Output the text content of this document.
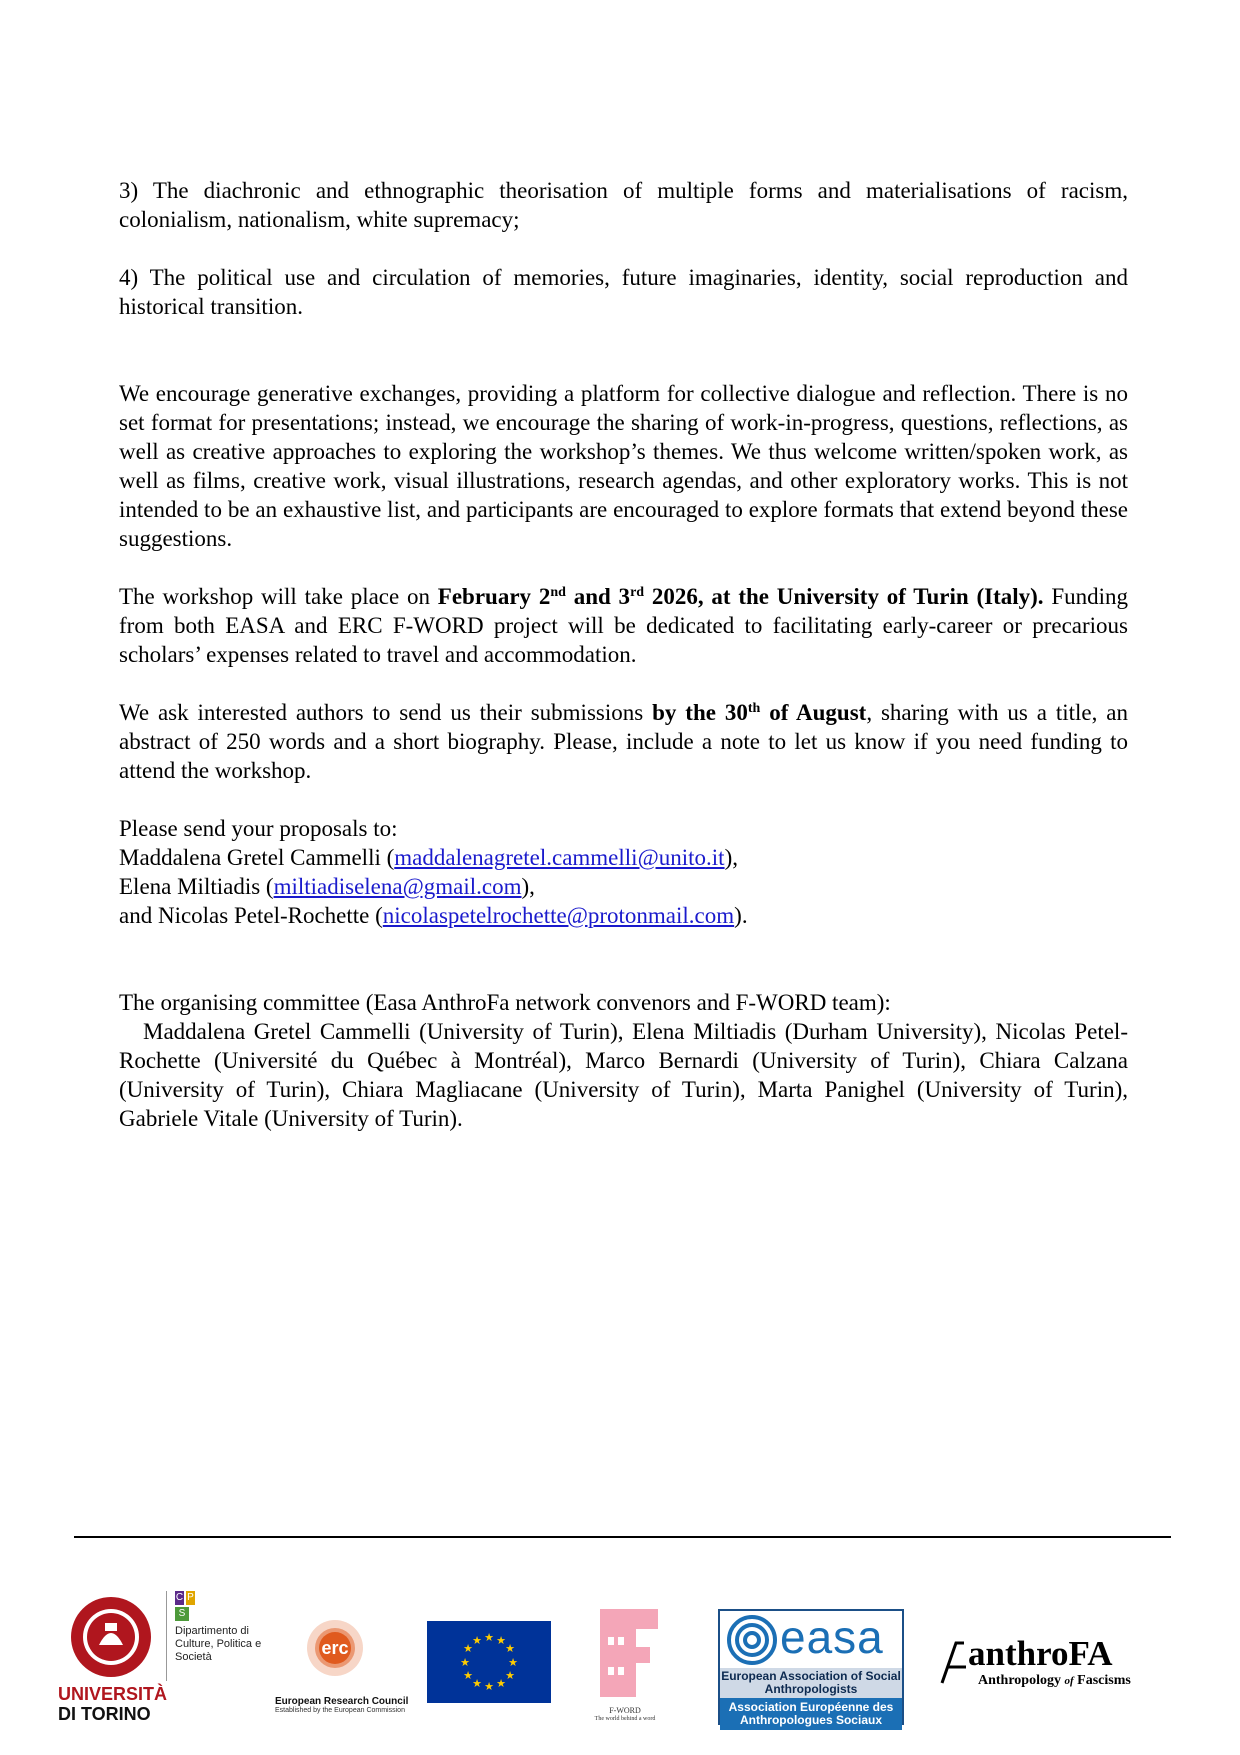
3) The diachronic and ethnographic theorisation of multiple forms and materialisations of racism, colonialism, nationalism, white supremacy;

4) The political use and circulation of memories, future imaginaries, identity, social reproduction and historical transition.

We encourage generative exchanges, providing a platform for collective dialogue and reflection. There is no set format for presentations; instead, we encourage the sharing of work-in-progress, questions, reflections, as well as creative approaches to exploring the workshop’s themes. We thus welcome written/spoken work, as well as films, creative work, visual illustrations, research agendas, and other exploratory works. This is not intended to be an exhaustive list, and participants are encouraged to explore formats that extend beyond these suggestions.

The workshop will take place on February 2nd and 3rd 2026, at the University of Turin (Italy). Funding from both EASA and ERC F-WORD project will be dedicated to facilitating early-career or precarious scholars’ expenses related to travel and accommodation.

We ask interested authors to send us their submissions by the 30th of August, sharing with us a title, an abstract of 250 words and a short biography. Please, include a note to let us know if you need funding to attend the workshop.

Please send your proposals to:

Maddalena Gretel Cammelli (maddalenagretel.cammelli@unito.it),

Elena Miltiadis (miltiadiselena@gmail.com),

and Nicolas Petel-Rochette (nicolaspetelrochette@protonmail.com).

The organising committee (Easa AnthroFa network convenors and F-WORD team):

Maddalena Gretel Cammelli (University of Turin), Elena Miltiadis (Durham University), Nicolas Petel-Rochette (Université du Québec à Montréal), Marco Bernardi (University of Turin), Chiara Calzana (University of Turin), Chiara Magliacane (University of Turin), Marta Panighel (University of Turin), Gabriele Vitale (University of Turin).

UNIVERSITÀ
DI TORINO
C P
S
Dipartimento di Culture, Politica e Società	erc
European Research Council
Established by the European Commission
★ ★
★
★
★
★
★
★
★
★
★
★
F-WORD
The world behind a word
easa
European Association of Social Anthropologists
Association Européenne des Anthropologues Sociaux
anthroFA
Anthropology of Fascisms
